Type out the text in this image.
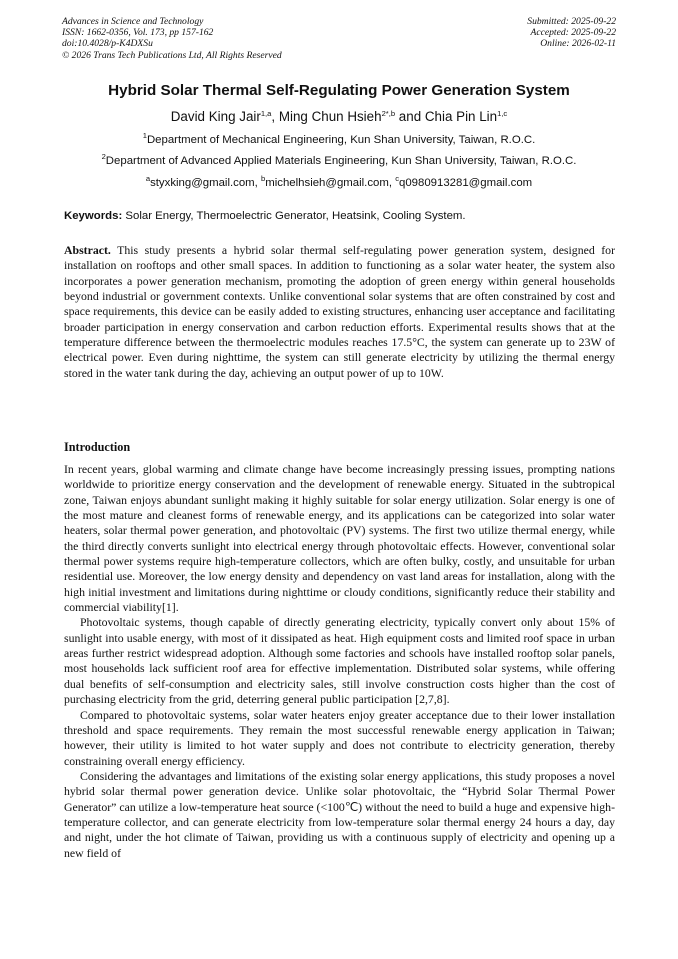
Advances in Science and Technology
ISSN: 1662-0356, Vol. 173, pp 157-162
doi:10.4028/p-K4DXSu
© 2026 Trans Tech Publications Ltd, All Rights Reserved
Submitted: 2025-09-22
Accepted: 2025-09-22
Online: 2026-02-11
Hybrid Solar Thermal Self-Regulating Power Generation System
David King Jair$^{1,a}$, Ming Chun Hsieh$^{2*,b}$ and Chia Pin Lin$^{1,c}$
$^1$Department of Mechanical Engineering, Kun Shan University, Taiwan, R.O.C.
$^2$Department of Advanced Applied Materials Engineering, Kun Shan University, Taiwan, R.O.C.
$^a$styxking@gmail.com, $^b$michelhsieh@gmail.com, $^c$q0980913281@gmail.com
Keywords: Solar Energy, Thermoelectric Generator, Heatsink, Cooling System.
Abstract. This study presents a hybrid solar thermal self-regulating power generation system, designed for installation on rooftops and other small spaces. In addition to functioning as a solar water heater, the system also incorporates a power generation mechanism, promoting the adoption of green energy within general households beyond industrial or government contexts. Unlike conventional solar systems that are often constrained by cost and space requirements, this device can be easily added to existing structures, enhancing user acceptance and facilitating broader participation in energy conservation and carbon reduction efforts. Experimental results shows that at the temperature difference between the thermoelectric modules reaches 17.5°C, the system can generate up to 23W of electrical power. Even during nighttime, the system can still generate electricity by utilizing the thermal energy stored in the water tank during the day, achieving an output power of up to 10W.
Introduction

In recent years, global warming and climate change have become increasingly pressing issues, prompting nations worldwide to prioritize energy conservation and the development of renewable energy. Situated in the subtropical zone, Taiwan enjoys abundant sunlight making it highly suitable for solar energy utilization. Solar energy is one of the most mature and cleanest forms of renewable energy, and its applications can be categorized into solar water heaters, solar thermal power generation, and photovoltaic (PV) systems. The first two utilize thermal energy, while the third directly converts sunlight into electrical energy through photovoltaic effects. However, conventional solar thermal power systems require high-temperature collectors, which are often bulky, costly, and unsuitable for urban residential use. Moreover, the low energy density and dependency on vast land areas for installation, along with the high initial investment and limitations during nighttime or cloudy conditions, significantly reduce their stability and commercial viability[1].

Photovoltaic systems, though capable of directly generating electricity, typically convert only about 15% of sunlight into usable energy, with most of it dissipated as heat. High equipment costs and limited roof space in urban areas further restrict widespread adoption. Although some factories and schools have installed rooftop solar panels, most households lack sufficient roof area for effective implementation. Distributed solar systems, while offering dual benefits of self-consumption and electricity sales, still involve construction costs higher than the cost of purchasing electricity from the grid, deterring general public participation [2,7,8].

Compared to photovoltaic systems, solar water heaters enjoy greater acceptance due to their lower installation threshold and space requirements. They remain the most successful renewable energy application in Taiwan; however, their utility is limited to hot water supply and does not contribute to electricity generation, thereby constraining overall energy efficiency.

Considering the advantages and limitations of the existing solar energy applications, this study proposes a novel hybrid solar thermal power generation device. Unlike solar photovoltaic, the “Hybrid Solar Thermal Power Generator” can utilize a low-temperature heat source (<100℃) without the need to build a huge and expensive high-temperature collector, and can generate electricity from low-temperature solar thermal energy 24 hours a day, day and night, under the hot climate of Taiwan, providing us with a continuous supply of electricity and opening up a new field of
